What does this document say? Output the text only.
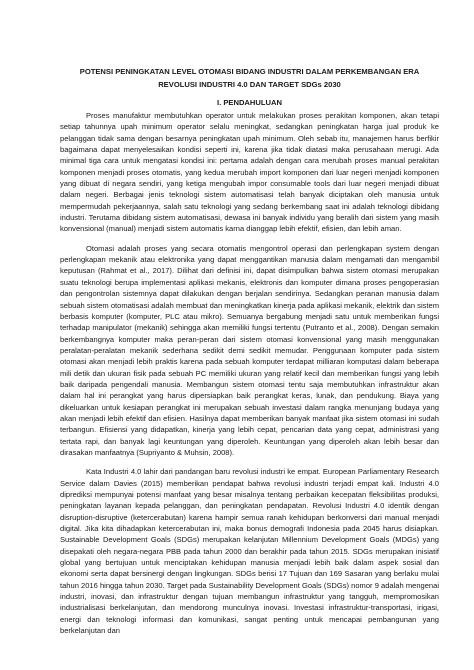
POTENSI PENINGKATAN LEVEL OTOMASI BIDANG INDUSTRI DALAM PERKEMBANGAN ERA
REVOLUSI INDUSTRI 4.0 DAN TARGET SDGs 2030
I. PENDAHULUAN

Proses manufaktur membutuhkan operator untuk melakukan proses perakitan komponen, akan tetapi setiap tahunnya upah minimum operator selalu meningkat, sedangkan peningkatan harga jual produk ke pelanggan tidak sama dengan besarnya peningkatan upah minimum. Oleh sebab itu, manajemen harus berfikir bagaimana dapat menyelesaikan kondisi seperti ini, karena jika tidak diatasi maka perusahaan merugi. Ada minimal tiga cara untuk mengatasi kondisi ini: pertama adalah dengan cara merubah proses manual perakitan komponen menjadi proses otomatis, yang kedua merubah import komponen dari luar negeri menjadi komponen yang dibuat di negara sendiri, yang ketiga mengubah impor consumable tools dari luar negeri menjadi dibuat dalam negeri. Berbagai jenis teknologi sistem automatisasi telah banyak diciptakan oleh manusia untuk mempermudah pekerjaannya, salah satu teknologi yang sedang berkembang saat ini adalah teknologi dibidang industri. Terutama dibidang sistem automatisasi, dewasa ini banyak individu yang beralih dari sistem yang masih konvensional (manual) menjadi sistem automatis karna dianggap lebih efektif, efisien, dan lebih aman.

Otomasi adalah proses yang secara otomatis mengontrol operasi dan perlengkapan system dengan perlengkapan mekanik atau elektronika yang dapat menggantikan manusia dalam mengamati dan mengambil keputusan (Rahmat et al., 2017). Dilihat dari definisi ini, dapat disimpulkan bahwa sistem otomasi merupakan suatu teknologi berupa implementasi aplikasi mekanis, elektronis dan komputer dimana proses pengoperasian dan pengontrolan sistemnya dapat dilakukan dengan berjalan sendirinya. Sedangkan peranan manusia dalam sebuah sistem otomatisasi adalah membuat dan meningkatkan kinerja pada aplikasi mekanik, elektrik dan sistem berbasis komputer (komputer, PLC atau mikro). Semuanya bergabung menjadi satu untuk memberikan fungsi terhadap manipulator (mekanik) sehingga akan memiliki fungsi tertentu (Putranto et al., 2008). Dengan semakin berkembangnya komputer maka peran-peran dari sistem otomasi konvensional yang masih menggunakan peralatan-peralatan mekanik sederhana sedikit demi sedikit memudar. Penggunaan komputer pada sistem otomasi akan menjadi lebih praktis karena pada sebuah komputer terdapat milliaran komputasi dalam beberapa mili detik dan ukuran fisik pada sebuah PC memiliki ukuran yang relatif kecil dan memberikan fungsi yang lebih baik daripada pengendali manusia. Membangun sistem otomasi tentu saja membutuhkan infrastruktur akan dalam hal ini perangkat yang harus dipersiapkan baik perangkat keras, lunak, dan pendukung. Biaya yang dikeluarkan untuk kesiapan perangkat ini merupakan sebuah investasi dalam rangka menunjang budaya yang akan menjadi lebih efektif dan efisien. Hasilnya dapat memberikan banyak manfaat jika sistem otomasi ini sudah terbangun. Efisiensi yang didapatkan, kinerja yang lebih cepat, pencarian data yang cepat, administrasi yang tertata rapi, dan banyak lagi keuntungan yang diperoleh. Keuntungan yang diperoleh akan lebih besar dan dirasakan manfaatnya (Supriyanto & Muhsin, 2008).

Kata Industri 4.0 lahir dari pandangan baru revolusi industri ke empat. European Parliamentary Research Service dalam Davies (2015) memberikan pendapat bahwa revolusi industri terjadi empat kali. Industri 4.0 diprediksi mempunyai potensi manfaat yang besar misalnya tentang perbaikan kecepatan fleksibilitas produksi, peningkatan layanan kepada pelanggan, dan peningkatan pendapatan. Revolusi Industri 4.0 identik dengan disruption-disruptive (ketercerabutan) karena hampir semua ranah kehidupan berkonversi dari manual menjadi digital. Jika kita dihadapkan ketercerabutan ini, maka bonus demografi Indonesia pada 2045 harus disiapkan. Sustainable Development Goals (SDGs) merupakan kelanjutan Millennium Development Goals (MDGs) yang disepakati oleh negara-negara PBB pada tahun 2000 dan berakhir pada tahun 2015. SDGs merupakan inisiatif global yang bertujuan untuk menciptakan kehidupan manusia menjadi lebih baik dalam aspek sosial dan ekonomi serta dapat bersinergi dengan lingkungan. SDGs berisi 17 Tujuan dan 169 Sasaran yang berlaku mulai tahun 2016 hingga tahun 2030. Target pada Sustainability Development Goals (SDGs) nomor 9 adalah mengenai industri, inovasi, dan infrastruktur dengan tujuan membangun infrastruktur yang tangguh, mempromosikan industrialisasi berkelanjutan, dan mendorong munculnya inovasi. Investasi infrastruktur-transportasi, irigasi, energi dan teknologi informasi dan komunikasi, sangat penting untuk mencapai pembangunan yang berkelanjutan dan
